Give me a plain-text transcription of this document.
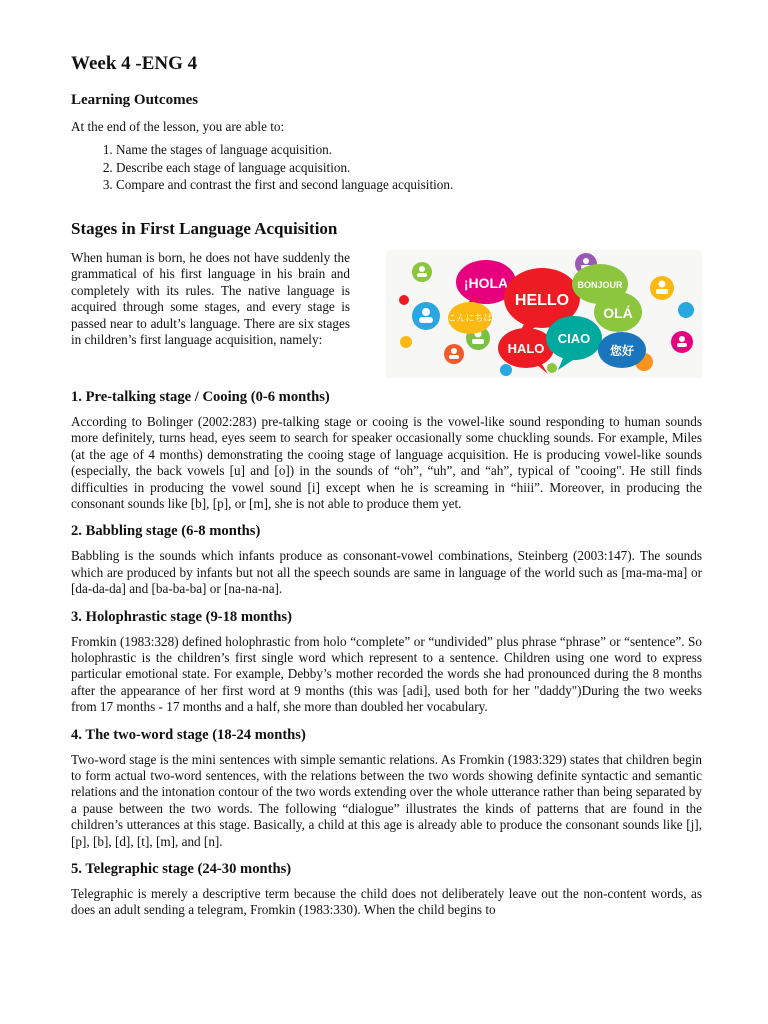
Week 4 -ENG 4
Learning Outcomes

At the end of the lesson, you are able to:

1. Name the stages of language acquisition.
2. Describe each stage of language acquisition.
3. Compare and contrast the first and second language acquisition.
Stages in First Language Acquisition
¡HOLA
HELLO
BONJOUR
OLÁ
こんにちは
HALO
CIAO
您好

When human is born, he does not have suddenly the grammatical of his first language in his brain and completely with its rules. The native language is acquired through some stages, and every stage is passed near to adult’s language. There are six stages in children’s first language acquisition, namely:

1. Pre-talking stage / Cooing (0-6 months)

According to Bolinger (2002:283) pre-talking stage or cooing is the vowel-like sound responding to human sounds more definitely, turns head, eyes seem to search for speaker occasionally some chuckling sounds. For example, Miles (at the age of 4 months) demonstrating the cooing stage of language acquisition. He is producing vowel-like sounds (especially, the back vowels [u] and [o]) in the sounds of “oh”, “uh”, and “ah”, typical of "cooing". He still finds difficulties in producing the vowel sound [i] except when he is screaming in “hiii”. Moreover, in producing the consonant sounds like [b], [p], or [m], she is not able to produce them yet.

2. Babbling stage (6-8 months)

Babbling is the sounds which infants produce as consonant-vowel combinations, Steinberg (2003:147). The sounds which are produced by infants but not all the speech sounds are same in language of the world such as [ma-ma-ma] or [da-da-da] and [ba-ba-ba] or [na-na-na].

3. Holophrastic stage (9-18 months)

Fromkin (1983:328) defined holophrastic from holo “complete” or “undivided” plus phrase “phrase” or “sentence”. So holophrastic is the children’s first single word which represent to a sentence. Children using one word to express particular emotional state. For example, Debby’s mother recorded the words she had pronounced during the 8 months after the appearance of her first word at 9 months (this was [adi], used both for her "daddy")During the two weeks from 17 months - 17 months and a half, she more than doubled her vocabulary.

4. The two-word stage (18-24 months)

Two-word stage is the mini sentences with simple semantic relations. As Fromkin (1983:329) states that children begin to form actual two-word sentences, with the relations between the two words showing definite syntactic and semantic relations and the intonation contour of the two words extending over the whole utterance rather than being separated by a pause between the two words. The following “dialogue” illustrates the kinds of patterns that are found in the children’s utterances at this stage. Basically, a child at this age is already able to produce the consonant sounds like [j], [p], [b], [d], [t], [m], and [n].

5. Telegraphic stage (24-30 months)

Telegraphic is merely a descriptive term because the child does not deliberately leave out the non-content words, as does an adult sending a telegram, Fromkin (1983:330). When the child begins to
